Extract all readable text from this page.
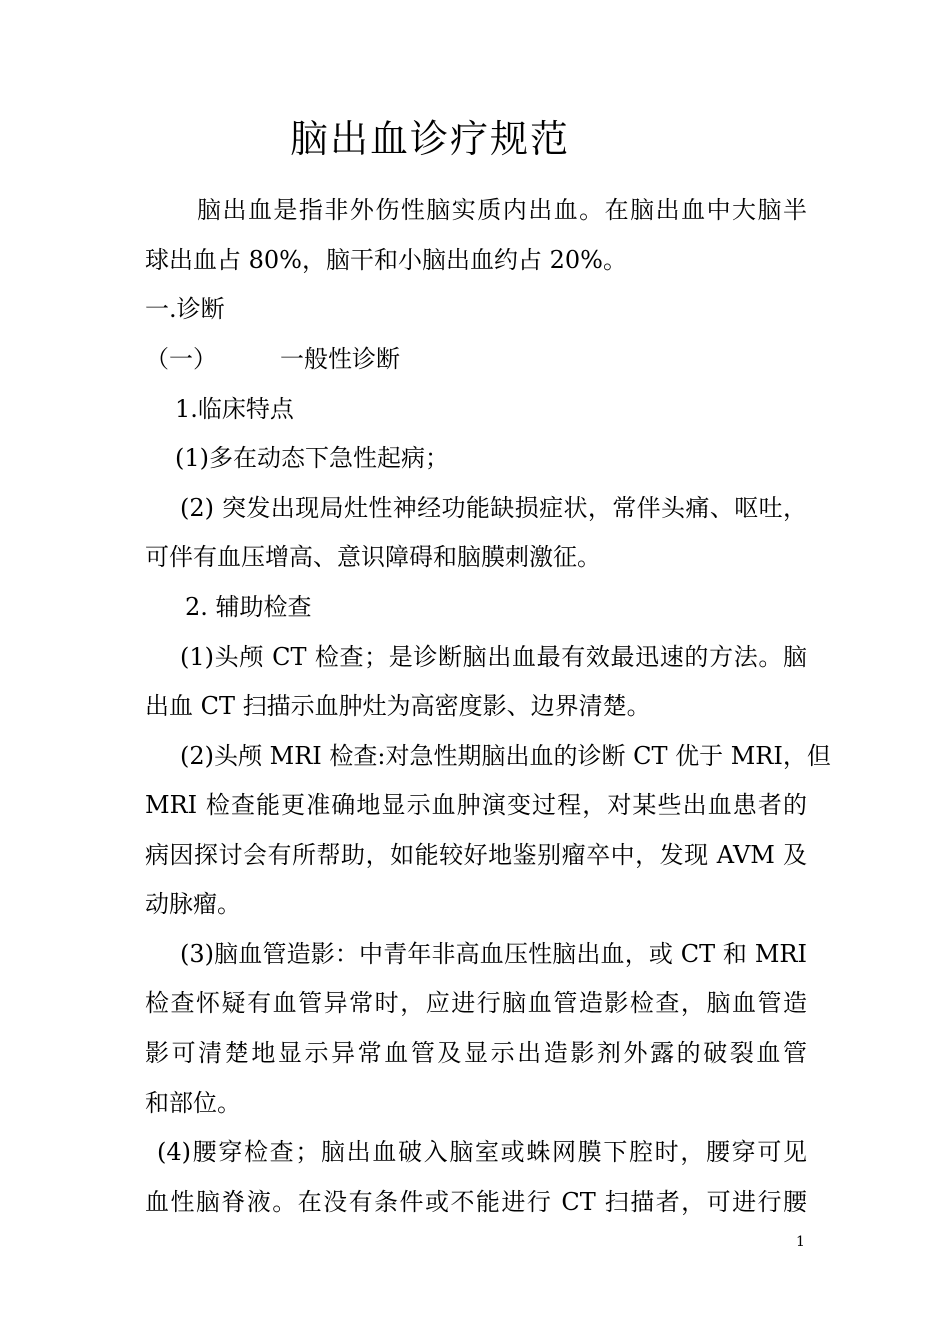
脑出血诊疗规范
脑出血是指非外伤性脑实质内出血。在脑出血中大脑半
球出血占 80%，脑干和小脑出血约占 20%。
一.诊断
（一）	一般性诊断
1.临床特点
(1)多在动态下急性起病；
(2) 突发出现局灶性神经功能缺损症状，常伴头痛、呕吐，
可伴有血压增高、意识障碍和脑膜刺激征。
2. 辅助检查
(1)头颅 CT 检查；是诊断脑出血最有效最迅速的方法。脑
出血 CT 扫描示血肿灶为高密度影、边界清楚。
(2)头颅 MRI 检查:对急性期脑出血的诊断 CT 优于 MRI，但
MRI 检查能更准确地显示血肿演变过程，对某些出血患者的
病因探讨会有所帮助，如能较好地鉴别瘤卒中，发现 AVM 及
动脉瘤。
(3)脑血管造影：中青年非高血压性脑出血，或 CT 和 MRI
检查怀疑有血管异常时，应进行脑血管造影检查，脑血管造
影可清楚地显示异常血管及显示出造影剂外露的破裂血管
和部位。
(4)腰穿检查；脑出血破入脑室或蛛网膜下腔时，腰穿可见
血性脑脊液。在没有条件或不能进行 CT 扫描者，可进行腰
1
